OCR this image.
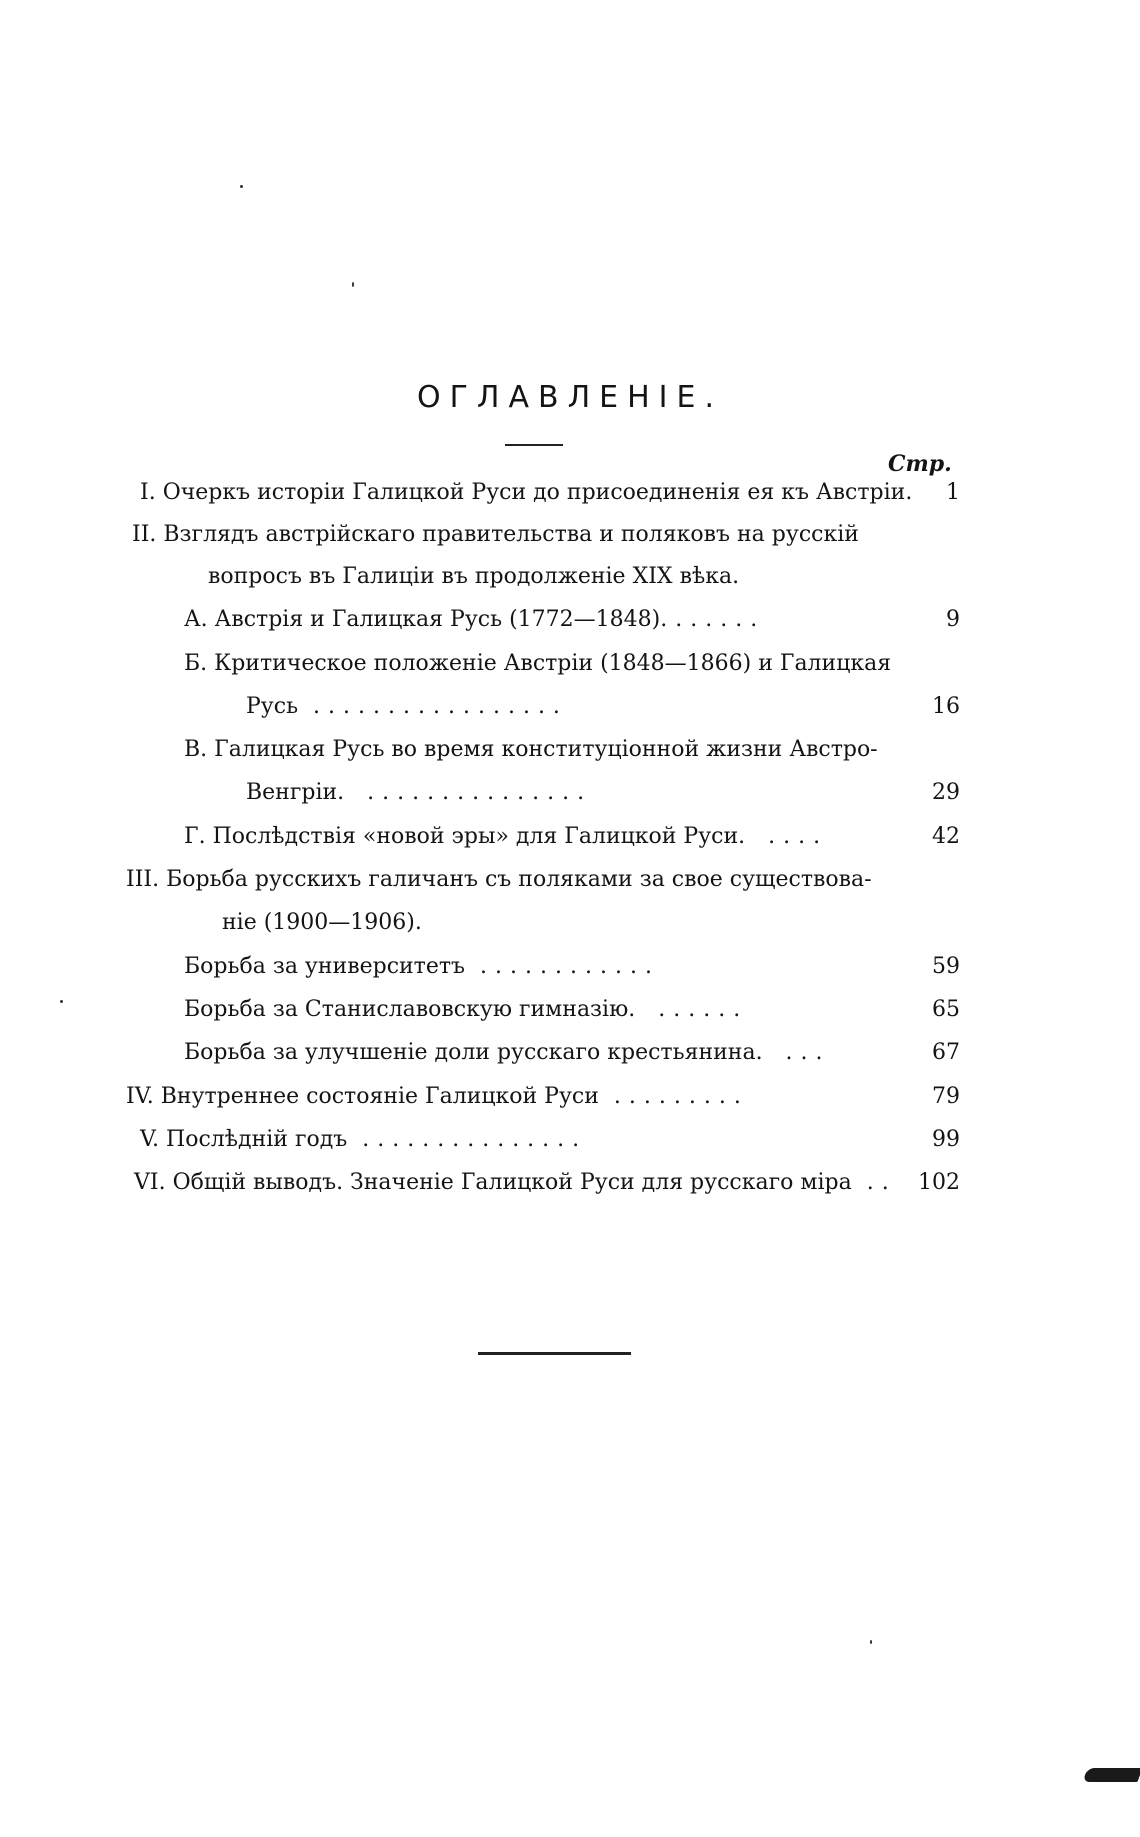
ОГЛАВЛЕНІЕ.
Стр.
I. Очеркъ исторіи Галицкой Руси до присоединенія ея къ Австріи.	1
II. Взглядъ австрійскаго правительства и поляковъ на русскій
вопросъ въ Галиціи въ продолженіе XIX вѣка.
А. Австрія и Галицкая Русь (1772—1848).......	9
Б. Критическое положеніе Австріи (1848—1866) и Галицкая
Русь .................	16
В. Галицкая Русь во время конституціонной жизни Австро-
Венгріи. ...............	29
Г. Послѣдствія «новой эры» для Галицкой Руси. ....	42
III. Борьба русскихъ галичанъ съ поляками за свое существова-
ніе (1900—1906).
Борьба за университетъ ............	59
Борьба за Станиславовскую гимназію. ......	65
Борьба за улучшеніе доли русскаго крестьянина. ...	67
IV. Внутреннее состояніе Галицкой Руси .........	79
V. Послѣдній годъ ...............	99
VI. Общій выводъ. Значеніе Галицкой Руси для русскаго міра .. 102
